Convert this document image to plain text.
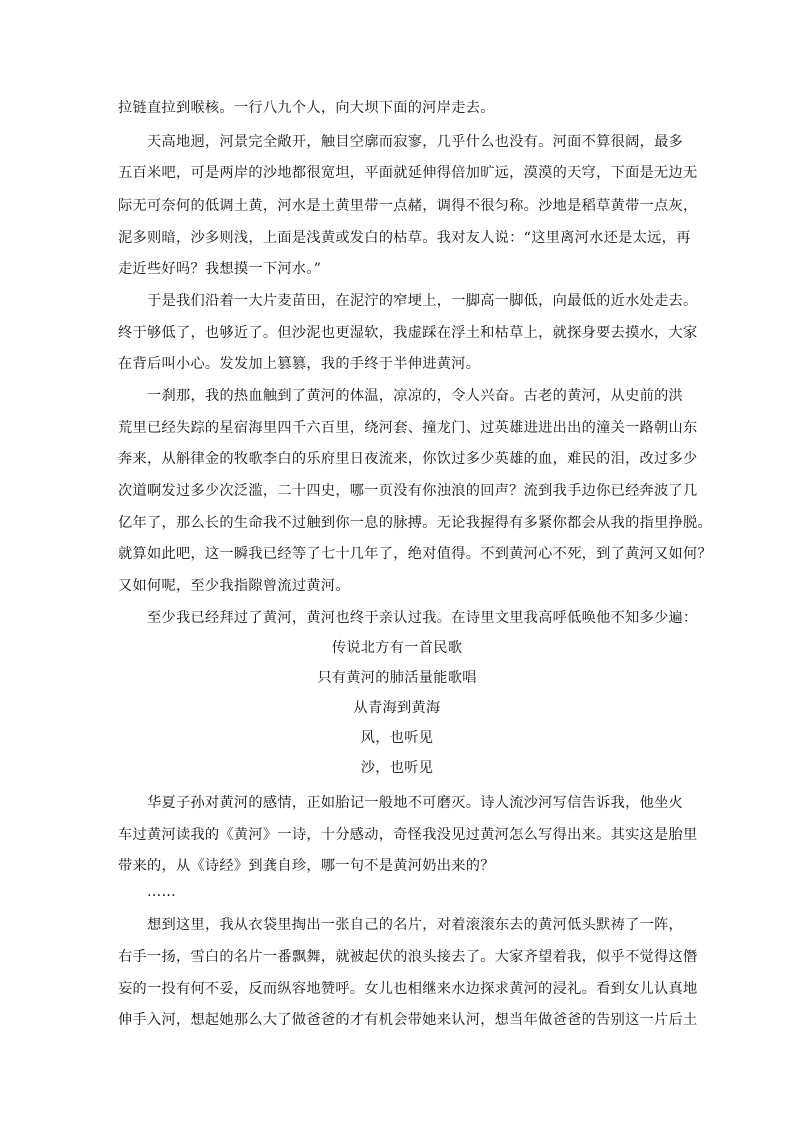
拉链直拉到喉核。一行八九个人，向大坝下面的河岸走去。
天高地迥，河景完全敞开，触目空廓而寂寥，几乎什么也没有。河面不算很阔，最多
五百米吧，可是两岸的沙地都很宽坦，平面就延伸得倍加旷远，漠漠的天穹，下面是无边无
际无可奈何的低调土黄，河水是土黄里带一点赭，调得不很匀称。沙地是稻草黄带一点灰，
泥多则暗，沙多则浅，上面是浅黄或发白的枯草。我对友人说：“这里离河水还是太远，再
走近些好吗？我想摸一下河水。”
于是我们沿着一大片麦苗田，在泥泞的窄埂上，一脚高一脚低，向最低的近水处走去。
终于够低了，也够近了。但沙泥也更湿软，我虚踩在浮土和枯草上，就探身要去摸水，大家
在背后叫小心。发发加上篡篡，我的手终于半伸进黄河。
一刹那，我的热血触到了黄河的体温，凉凉的，令人兴奋。古老的黄河，从史前的洪
荒里已经失踪的星宿海里四千六百里，绕河套、撞龙门、过英雄进进出出的潼关一路朝山东
奔来，从斛律金的牧歌李白的乐府里日夜流来，你饮过多少英雄的血，难民的泪，改过多少
次道啊发过多少次泛滥，二十四史，哪一页没有你浊浪的回声？流到我手边你已经奔波了几
亿年了，那么长的生命我不过触到你一息的脉搏。无论我握得有多紧你都会从我的指里挣脱。
就算如此吧，这一瞬我已经等了七十几年了，绝对值得。不到黄河心不死，到了黄河又如何？
又如何呢，至少我指隙曾流过黄河。
至少我已经拜过了黄河，黄河也终于亲认过我。在诗里文里我高呼低唤他不知多少遍：
传说北方有一首民歌
只有黄河的肺活量能歌唱
从青海到黄海
风，也听见
沙，也听见
华夏子孙对黄河的感情，正如胎记一般地不可磨灭。诗人流沙河写信告诉我，他坐火
车过黄河读我的《黄河》一诗，十分感动，奇怪我没见过黄河怎么写得出来。其实这是胎里
带来的，从《诗经》到龚自珍，哪一句不是黄河奶出来的？
……
想到这里，我从衣袋里掏出一张自己的名片，对着滚滚东去的黄河低头默祷了一阵，
右手一扬，雪白的名片一番飘舞，就被起伏的浪头接去了。大家齐望着我，似乎不觉得这僭
妄的一投有何不妥，反而纵容地赞呼。女儿也相继来水边探求黄河的浸礼。看到女儿认真地
伸手入河，想起她那么大了做爸爸的才有机会带她来认河，想当年做爸爸的告别这一片后土
